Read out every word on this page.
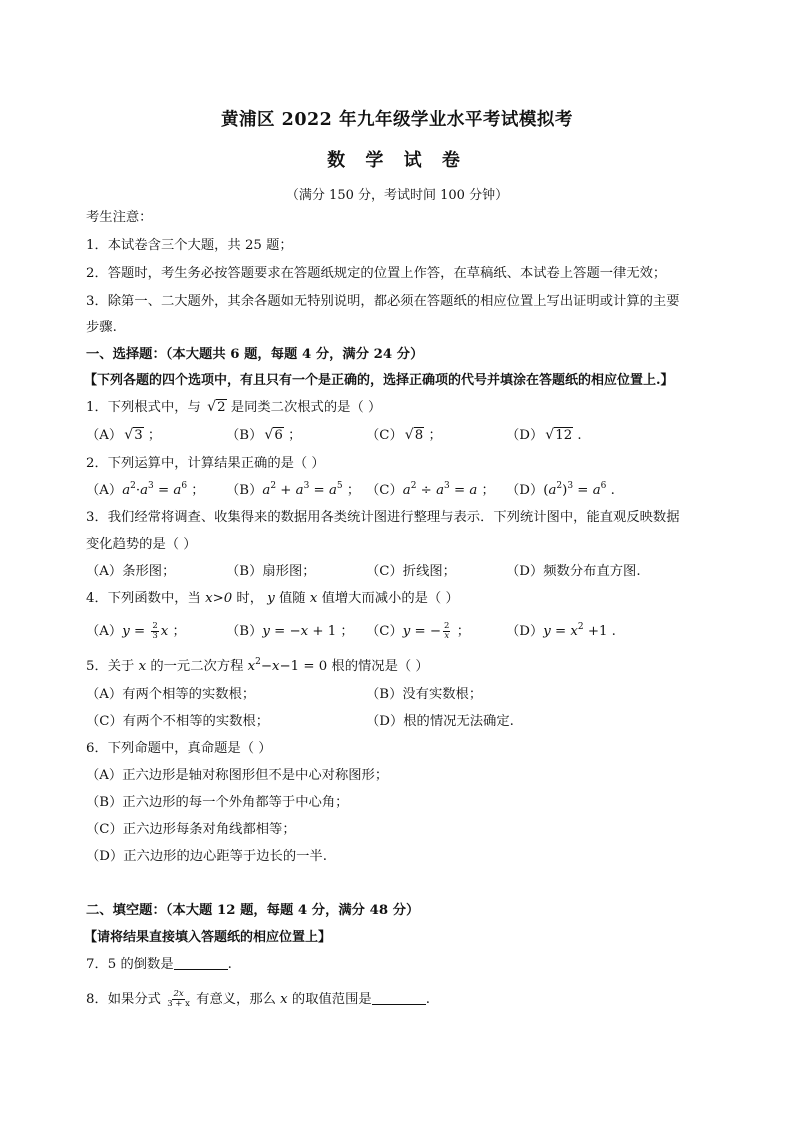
黄浦区 2022 年九年级学业水平考试模拟考
数 学 试 卷
（满分 150 分，考试时间 100 分钟）
考生注意：
1．本试卷含三个大题，共 25 题；
2．答题时，考生务必按答题要求在答题纸规定的位置上作答，在草稿纸、本试卷上答题一律无效；
3．除第一、二大题外，其余各题如无特别说明，都必须在答题纸的相应位置上写出证明或计算的主要
步骤.
一、选择题：（本大题共 6 题，每题 4 分，满分 24 分）
【下列各题的四个选项中，有且只有一个是正确的，选择正确项的代号并填涂在答题纸的相应位置上.】
1．下列根式中，与 √ 2 是同类二次根式的是（ ）
（A） √ 3 ；	（B） √ 6 ；	（C） √ 8 ；	（D） √ 12 .
2．下列运算中，计算结果正确的是（ ）
$(A)a^2\cdot a^3 = a^6$ ； $(B)a^2 + a^3 = a^5$ ； $(C)a^2 \div a^3 = a$ ； $(D)(a^2)^3 = a^6$ .
3．我们经常将调查、收集得来的数据用各类统计图进行整理与表示．下列统计图中，能直观反映数据
变化趋势的是（ ）
（A）条形图；	（B）扇形图；	（C）折线图；	（D）频数分布直方图.
4．下列函数中，当 x>0 时， y 值随 x 值增大而减小的是（ ）
$(A)y = \frac{2}{3}$ x ；	（B）y = −x + 1 ； （C）y = − $\frac{2}{x}$ ；	$(D)y = x^2 +1$ .
5．关于 x 的一元二次方程 $x^2-x-1 = 0$ 根的情况是（ ）
（A）有两个相等的实数根；	（B）没有实数根；
（C）有两个不相等的实数根；	（D）根的情况无法确定.
6．下列命题中，真命题是（ ）
（A）正六边形是轴对称图形但不是中心对称图形；
（B）正六边形的每一个外角都等于中心角；
（C）正六边形每条对角线都相等；
（D）正六边形的边心距等于边长的一半.
二、填空题：（本大题 12 题，每题 4 分，满分 48 分）
【请将结果直接填入答题纸的相应位置上】
7．5 的倒数是	.
8．如果分式 $\frac{2x}{3 + x}$ 有意义，那么 x 的取值范围是	.
